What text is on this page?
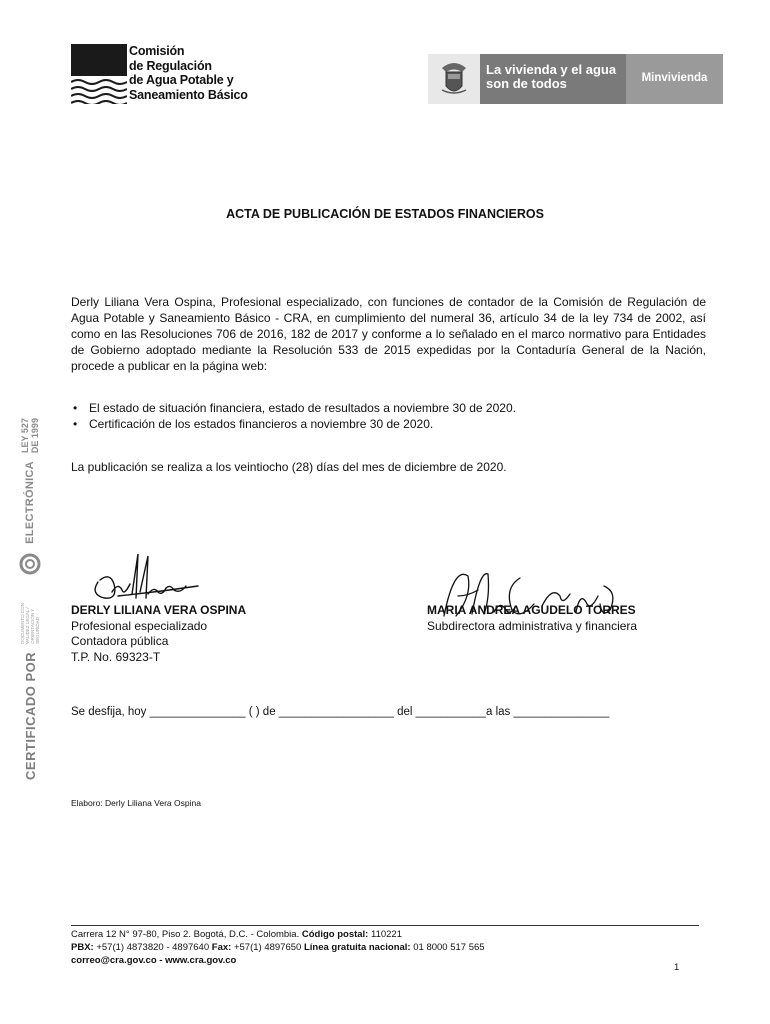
Comisión
de Regulación
de Agua Potable y
Saneamiento Básico
La vivienda y el agua
son de todos	Minvivienda
CERTIFICADO POR
DOCUMENTO CON VALIDEZ LEGAL / ORIENTACIÓN Y SEGURIDAD
ELECTRÓNICA
LEY 527 DE 1999
ACTA DE PUBLICACIÓN DE ESTADOS FINANCIEROS

Derly Liliana Vera Ospina, Profesional especializado, con funciones de contador de la Comisión de Regulación de Agua Potable y Saneamiento Básico - CRA, en cumplimiento del numeral 36, artículo 34 de la ley 734 de 2002, así como en las Resoluciones 706 de 2016, 182 de 2017 y conforme a lo señalado en el marco normativo para Entidades de Gobierno adoptado mediante la Resolución 533 de 2015 expedidas por la Contaduría General de la Nación, procede a publicar en la página web:

• El estado de situación financiera, estado de resultados a noviembre 30 de 2020.
• Certificación de los estados financieros a noviembre 30 de 2020.

La publicación se realiza a los veintiocho (28) días del mes de diciembre de 2020.

DERLY LILIANA VERA OSPINA
Profesional especializado
Contadora pública
T.P. No. 69323-T
MARIA ANDREA AGUDELO TORRES
Subdirectora administrativa y financiera
Se desfija, hoy _______________ ( ) de __________________ del ___________a las _______________
Elaboro: Derly Liliana Vera Ospina
Carrera 12 N° 97-80, Piso 2. Bogotá, D.C. - Colombia. Código postal: 110221
PBX: +57(1) 4873820 - 4897640 Fax: +57(1) 4897650 Línea gratuita nacional: 01 8000 517 565
correo@cra.gov.co - www.cra.gov.co
1
